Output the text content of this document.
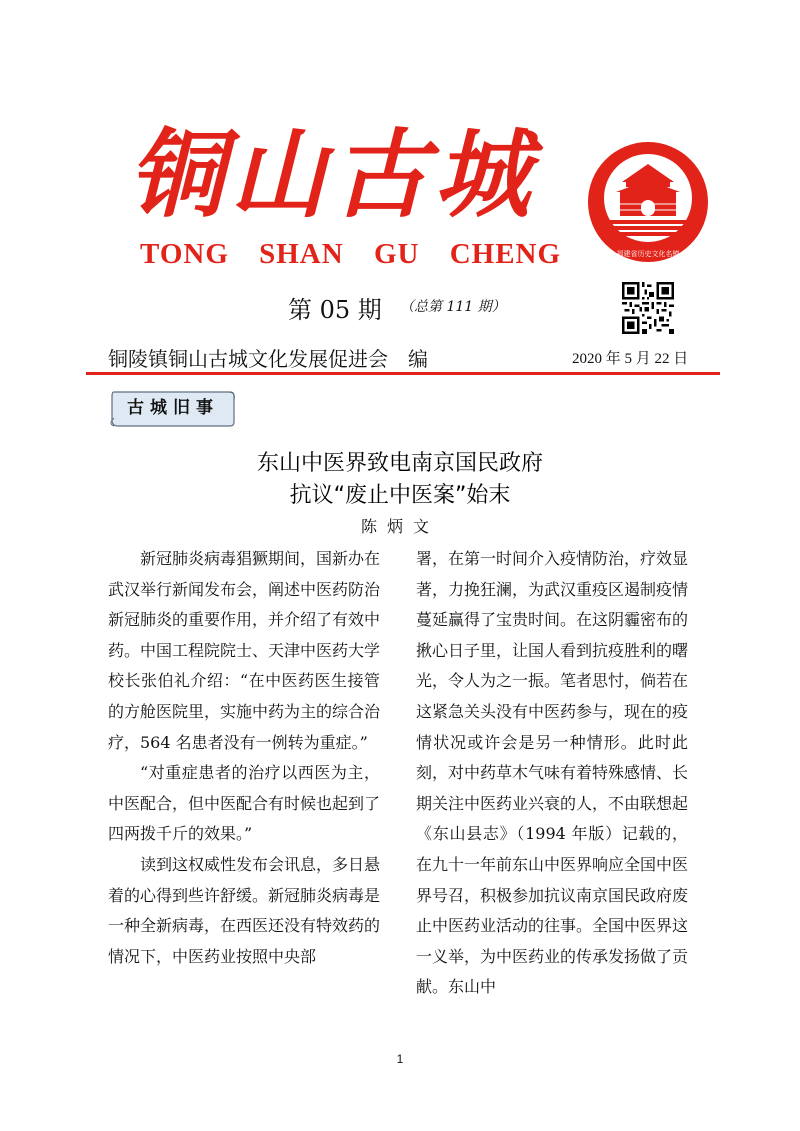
铜山古城
TONG SHAN GU CHENG	福建省历史文化名镇
第 05 期 （总第 111 期）
铜陵镇铜山古城文化发展促进会　编	2020 年 5 月 22 日
古城旧事
东山中医界致电南京国民政府
抗议“废止中医案”始末
陈炳文

新冠肺炎病毒猖獗期间，国新办在武汉举行新闻发布会，阐述中医药防治新冠肺炎的重要作用，并介绍了有效中药。中国工程院院士、天津中医药大学校长张伯礼介绍：“在中医药医生接管的方舱医院里，实施中药为主的综合治疗，564 名患者没有一例转为重症。”

“对重症患者的治疗以西医为主，中医配合，但中医配合有时候也起到了四两拨千斤的效果。”

读到这权威性发布会讯息，多日悬着的心得到些许舒缓。新冠肺炎病毒是一种全新病毒，在西医还没有特效药的情况下，中医药业按照中央部

署，在第一时间介入疫情防治，疗效显著，力挽狂澜，为武汉重疫区遏制疫情蔓延赢得了宝贵时间。在这阴霾密布的揪心日子里，让国人看到抗疫胜利的曙光，令人为之一振。笔者思忖，倘若在这紧急关头没有中医药参与，现在的疫情状况或许会是另一种情形。此时此刻，对中药草木气味有着特殊感情、长期关注中医药业兴衰的人，不由联想起《东山县志》（1994 年版）记载的，在九十一年前东山中医界响应全国中医界号召，积极参加抗议南京国民政府废止中医药业活动的往事。全国中医界这一义举，为中医药业的传承发扬做了贡献。东山中

1
